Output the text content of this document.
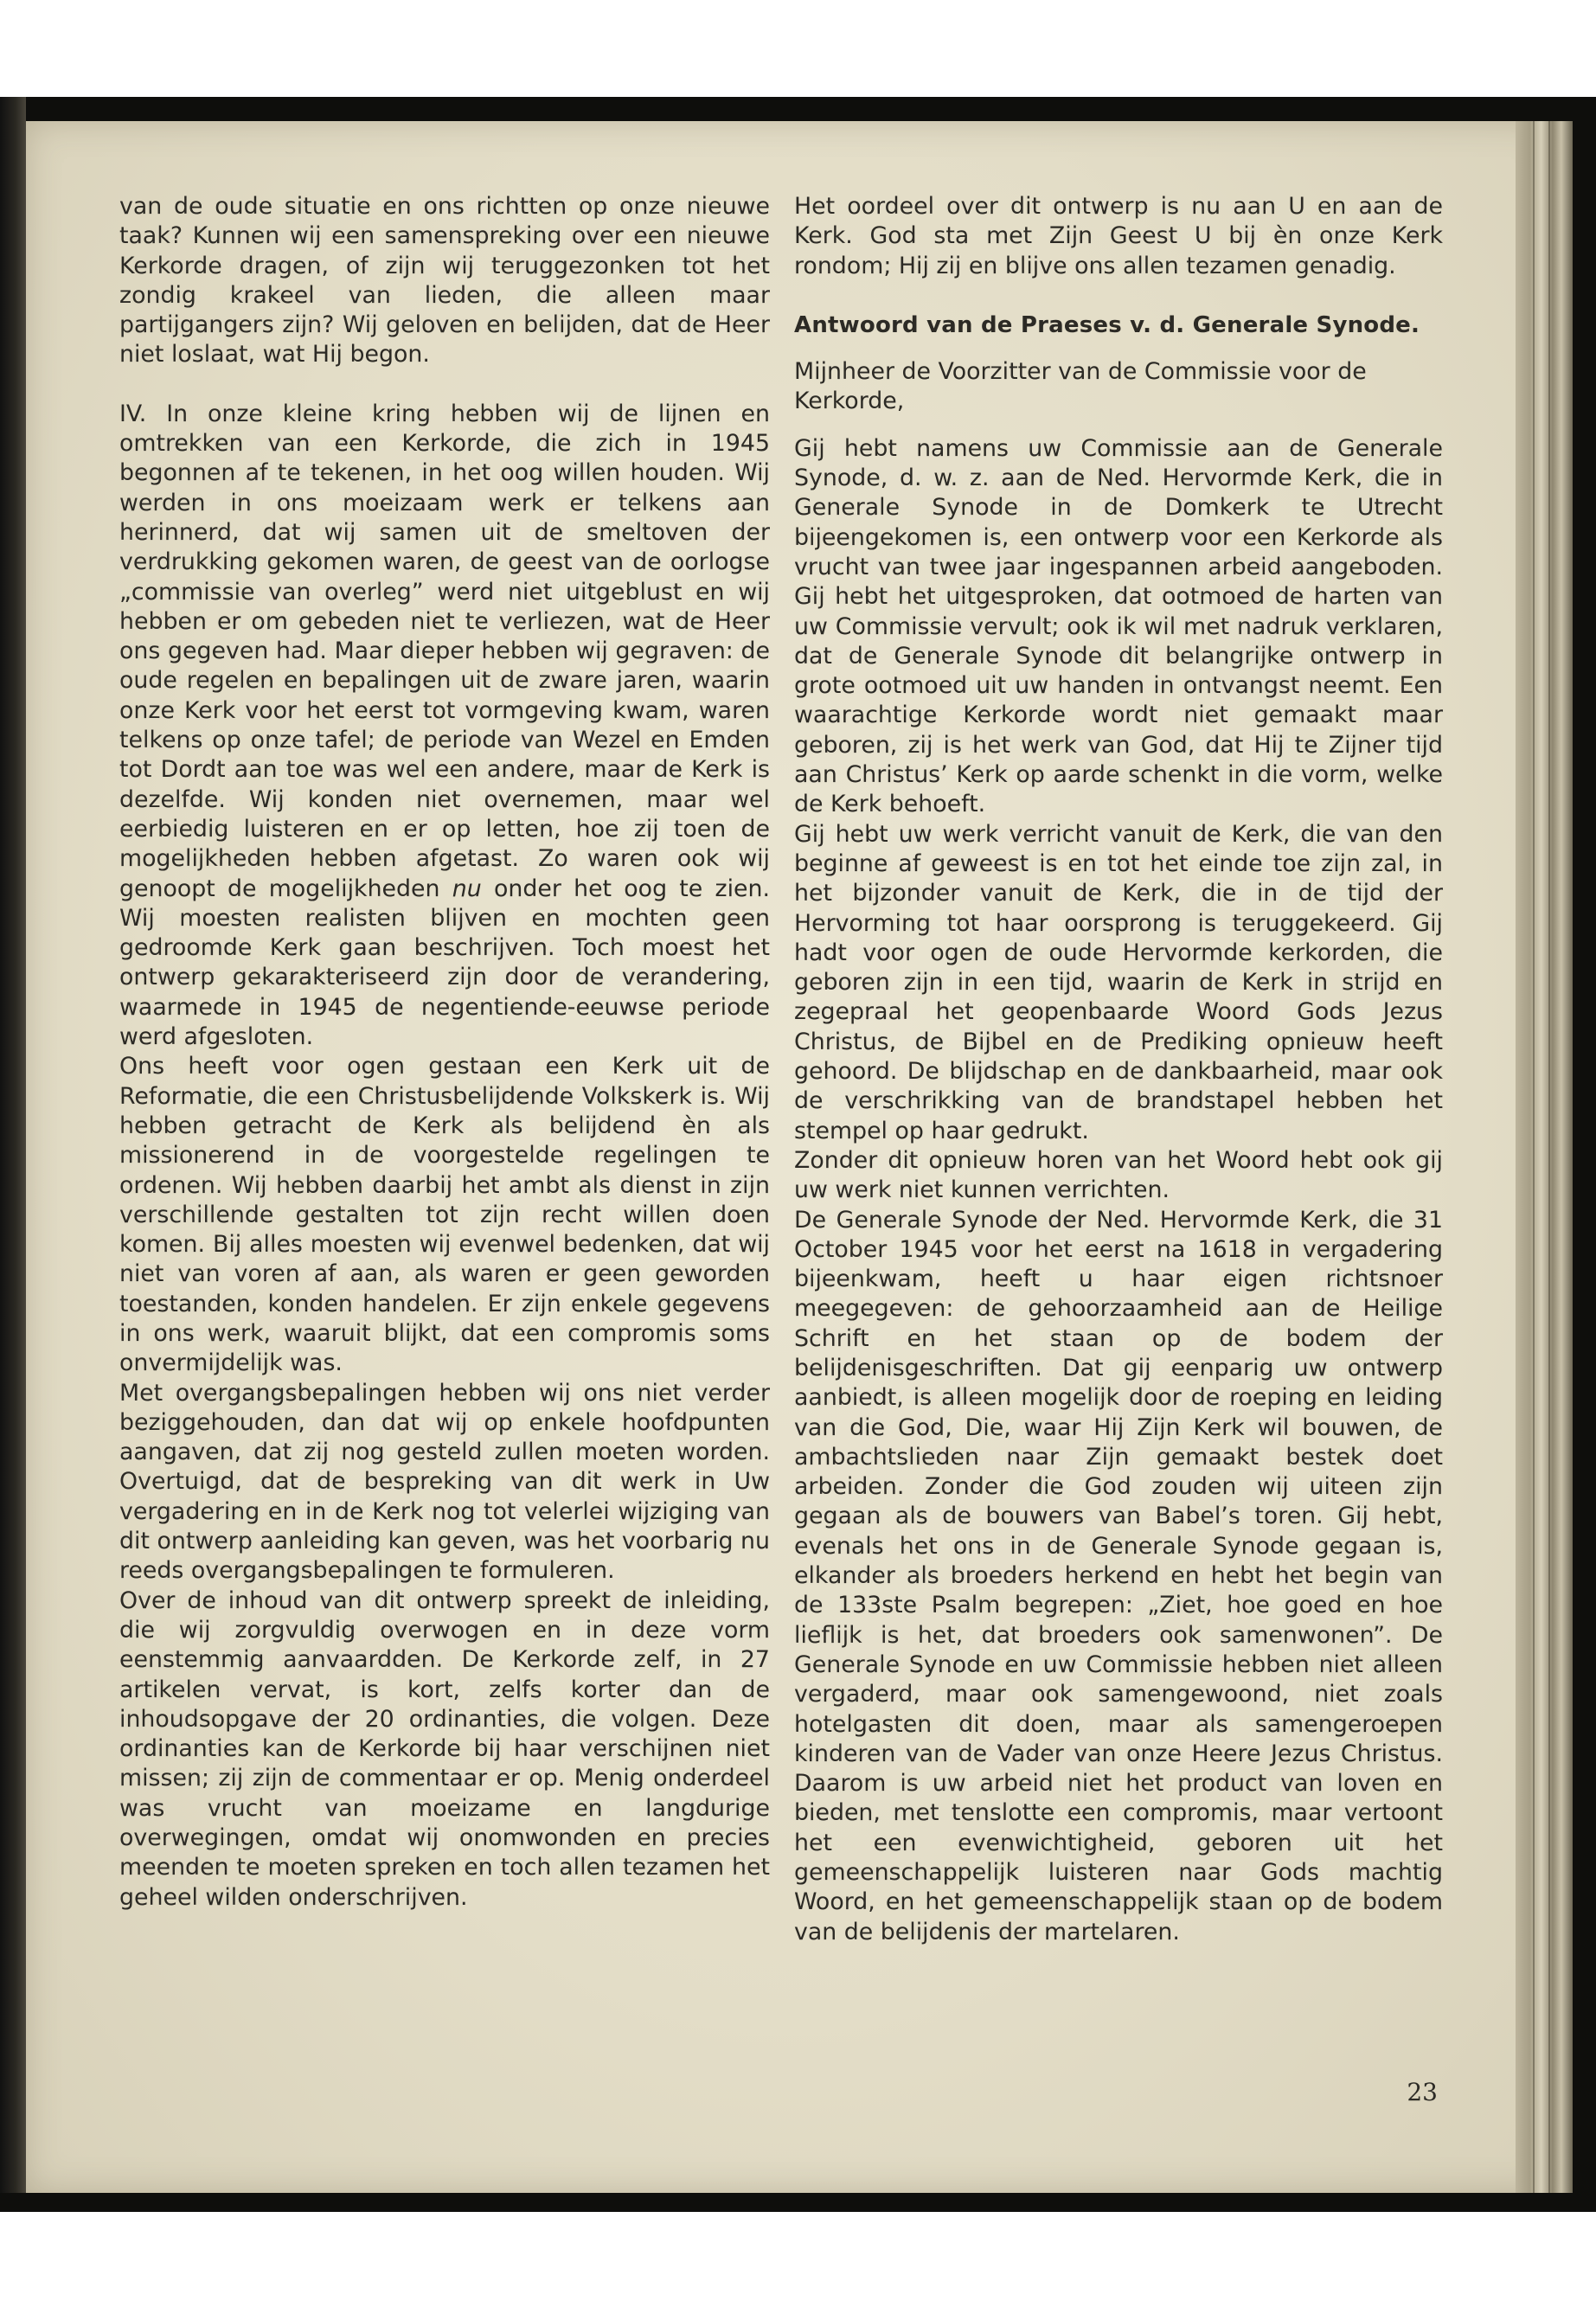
van de oude situatie en ons richtten op onze nieuwe taak? Kunnen wij een samenspreking over een nieuwe Kerkorde dragen, of zijn wij teruggezonken tot het zondig krakeel van lieden, die alleen maar partijgangers zijn? Wij geloven en belijden, dat de Heer niet loslaat, wat Hij begon.

IV. In onze kleine kring hebben wij de lijnen en omtrekken van een Kerkorde, die zich in 1945 begonnen af te tekenen, in het oog willen houden. Wij werden in ons moeizaam werk er telkens aan herinnerd, dat wij samen uit de smeltoven der verdrukking gekomen waren, de geest van de oorlogse „commissie van overleg” werd niet uitgeblust en wij hebben er om gebeden niet te verliezen, wat de Heer ons gegeven had. Maar dieper hebben wij gegraven: de oude regelen en bepalingen uit de zware jaren, waarin onze Kerk voor het eerst tot vormgeving kwam, waren telkens op onze tafel; de periode van Wezel en Emden tot Dordt aan toe was wel een andere, maar de Kerk is dezelfde. Wij konden niet overnemen, maar wel eerbiedig luisteren en er op letten, hoe zij toen de mogelijkheden hebben afgetast. Zo waren ook wij genoopt de mogelijkheden nu onder het oog te zien. Wij moesten realisten blijven en mochten geen gedroomde Kerk gaan beschrijven. Toch moest het ontwerp gekarakteriseerd zijn door de verandering, waarmede in 1945 de negentiende-eeuwse periode werd afgesloten.

Ons heeft voor ogen gestaan een Kerk uit de Reformatie, die een Christusbelijdende Volkskerk is. Wij hebben getracht de Kerk als belijdend èn als missionerend in de voorgestelde regelingen te ordenen. Wij hebben daarbij het ambt als dienst in zijn verschillende gestalten tot zijn recht willen doen komen. Bij alles moesten wij evenwel bedenken, dat wij niet van voren af aan, als waren er geen geworden toestanden, konden handelen. Er zijn enkele gegevens in ons werk, waaruit blijkt, dat een compromis soms onvermijdelijk was.

Met overgangsbepalingen hebben wij ons niet verder beziggehouden, dan dat wij op enkele hoofdpunten aangaven, dat zij nog gesteld zullen moeten worden. Overtuigd, dat de bespreking van dit werk in Uw vergadering en in de Kerk nog tot velerlei wijziging van dit ontwerp aanleiding kan geven, was het voorbarig nu reeds overgangsbepalingen te formuleren.

Over de inhoud van dit ontwerp spreekt de inleiding, die wij zorgvuldig overwogen en in deze vorm eenstemmig aanvaardden. De Kerkorde zelf, in 27 artikelen vervat, is kort, zelfs korter dan de inhoudsopgave der 20 ordinanties, die volgen. Deze ordinanties kan de Kerkorde bij haar verschijnen niet missen; zij zijn de commentaar er op. Menig onderdeel was vrucht van moeizame en langdurige overwegingen, omdat wij onomwonden en precies meenden te moeten spreken en toch allen tezamen het geheel wilden onderschrijven.

Het oordeel over dit ontwerp is nu aan U en aan de Kerk. God sta met Zijn Geest U bij èn onze Kerk rondom; Hij zij en blijve ons allen tezamen genadig.

Antwoord van de Praeses v. d. Generale Synode.

Mijnheer de Voorzitter van de Commissie voor de Kerkorde,

Gij hebt namens uw Commissie aan de Generale Synode, d. w. z. aan de Ned. Hervormde Kerk, die in Generale Synode in de Domkerk te Utrecht bijeengekomen is, een ontwerp voor een Kerkorde als vrucht van twee jaar ingespannen arbeid aangeboden. Gij hebt het uitgesproken, dat ootmoed de harten van uw Commissie vervult; ook ik wil met nadruk verklaren, dat de Generale Synode dit belangrijke ontwerp in grote ootmoed uit uw handen in ontvangst neemt. Een waarachtige Kerkorde wordt niet gemaakt maar geboren, zij is het werk van God, dat Hij te Zijner tijd aan Christus’ Kerk op aarde schenkt in die vorm, welke de Kerk behoeft.

Gij hebt uw werk verricht vanuit de Kerk, die van den beginne af geweest is en tot het einde toe zijn zal, in het bijzonder vanuit de Kerk, die in de tijd der Hervorming tot haar oorsprong is teruggekeerd. Gij hadt voor ogen de oude Hervormde kerkorden, die geboren zijn in een tijd, waarin de Kerk in strijd en zegepraal het geopenbaarde Woord Gods Jezus Christus, de Bijbel en de Prediking opnieuw heeft gehoord. De blijdschap en de dankbaarheid, maar ook de verschrikking van de brandstapel hebben het stempel op haar gedrukt.

Zonder dit opnieuw horen van het Woord hebt ook gij uw werk niet kunnen verrichten.

De Generale Synode der Ned. Hervormde Kerk, die 31 October 1945 voor het eerst na 1618 in vergadering bijeenkwam, heeft u haar eigen richtsnoer meegegeven: de gehoorzaamheid aan de Heilige Schrift en het staan op de bodem der belijdenisgeschriften. Dat gij eenparig uw ontwerp aanbiedt, is alleen mogelijk door de roeping en leiding van die God, Die, waar Hij Zijn Kerk wil bouwen, de ambachtslieden naar Zijn gemaakt bestek doet arbeiden. Zonder die God zouden wij uiteen zijn gegaan als de bouwers van Babel’s toren. Gij hebt, evenals het ons in de Generale Synode gegaan is, elkander als broeders herkend en hebt het begin van de 133ste Psalm begrepen: „Ziet, hoe goed en hoe lieflijk is het, dat broeders ook samenwonen”. De Generale Synode en uw Commissie hebben niet alleen vergaderd, maar ook samengewoond, niet zoals hotelgasten dit doen, maar als samengeroepen kinderen van de Vader van onze Heere Jezus Christus. Daarom is uw arbeid niet het product van loven en bieden, met tenslotte een compromis, maar vertoont het een evenwichtigheid, geboren uit het gemeenschappelijk luisteren naar Gods machtig Woord, en het gemeenschappelijk staan op de bodem van de belijdenis der martelaren.

23
